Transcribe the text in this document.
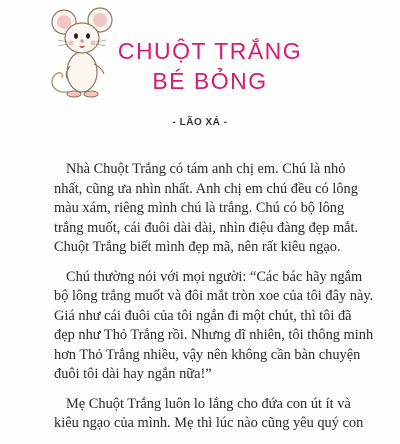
CHUỘT TRẮNG
BÉ BỎNG
- LÃO XÁ -

Nhà Chuột Trắng có tám anh chị em. Chú là nhỏ
nhất, cũng ưa nhìn nhất. Anh chị em chú đều có lông
màu xám, riêng mình chú là trắng. Chú có bộ lông
trắng muốt, cái đuôi dài dài, nhìn điệu đàng đẹp mắt.
Chuột Trắng biết mình đẹp mã, nên rất kiêu ngạo.

Chú thường nói với mọi người: “Các bác hãy ngắm
bộ lông trắng muốt và đôi mắt tròn xoe của tôi đây này.
Giá như cái đuôi của tôi ngắn đi một chút, thì tôi đã
đẹp như Thỏ Trắng rồi. Nhưng dĩ nhiên, tôi thông minh
hơn Thỏ Trắng nhiều, vậy nên không cần bàn chuyện
đuôi tôi dài hay ngắn nữa!”

Mẹ Chuột Trắng luôn lo lắng cho đứa con út ít và
kiêu ngạo của mình. Mẹ thì lúc nào cũng yêu quý con
